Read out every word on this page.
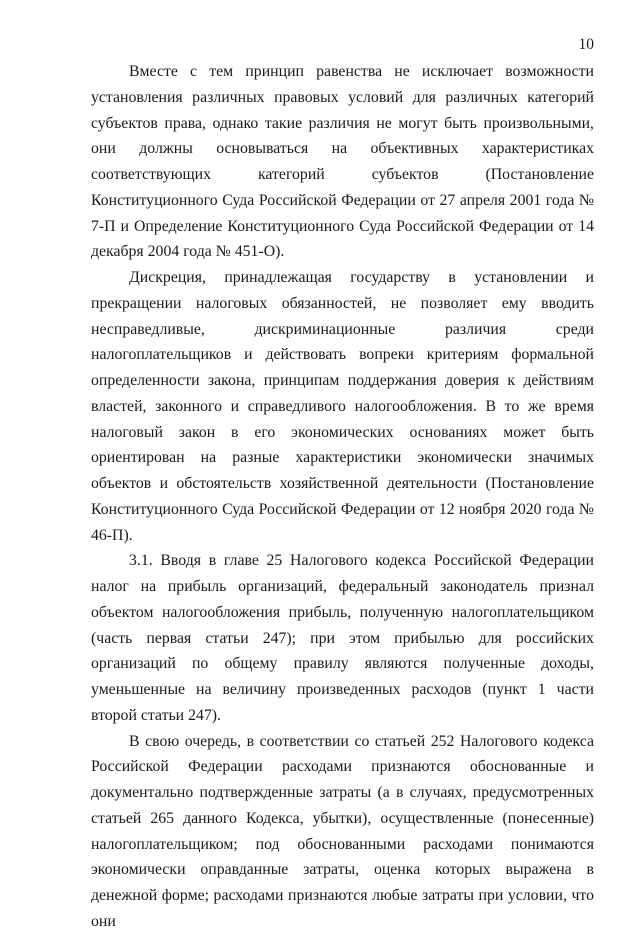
10

Вместе с тем принцип равенства не исключает возможности установления различных правовых условий для различных категорий субъектов права, однако такие различия не могут быть произвольными, они должны основываться на объективных характеристиках соответствующих категорий субъектов (Постановление Конституционного Суда Российской Федерации от 27 апреля 2001 года № 7-П и Определение Конституционного Суда Российской Федерации от 14 декабря 2004 года № 451-О).

Дискреция, принадлежащая государству в установлении и прекращении налоговых обязанностей, не позволяет ему вводить несправедливые, дискриминационные различия среди налогоплательщиков и действовать вопреки критериям формальной определенности закона, принципам поддержания доверия к действиям властей, законного и справедливого налогообложения. В то же время налоговый закон в его экономических основаниях может быть ориентирован на разные характеристики экономически значимых объектов и обстоятельств хозяйственной деятельности (Постановление Конституционного Суда Российской Федерации от 12 ноября 2020 года № 46-П).

3.1. Вводя в главе 25 Налогового кодекса Российской Федерации налог на прибыль организаций, федеральный законодатель признал объектом налогообложения прибыль, полученную налогоплательщиком (часть первая статьи 247); при этом прибылью для российских организаций по общему правилу являются полученные доходы, уменьшенные на величину произведенных расходов (пункт 1 части второй статьи 247).

В свою очередь, в соответствии со статьей 252 Налогового кодекса Российской Федерации расходами признаются обоснованные и документально подтвержденные затраты (а в случаях, предусмотренных статьей 265 данного Кодекса, убытки), осуществленные (понесенные) налогоплательщиком; под обоснованными расходами понимаются экономически оправданные затраты, оценка которых выражена в денежной форме; расходами признаются любые затраты при условии, что они
